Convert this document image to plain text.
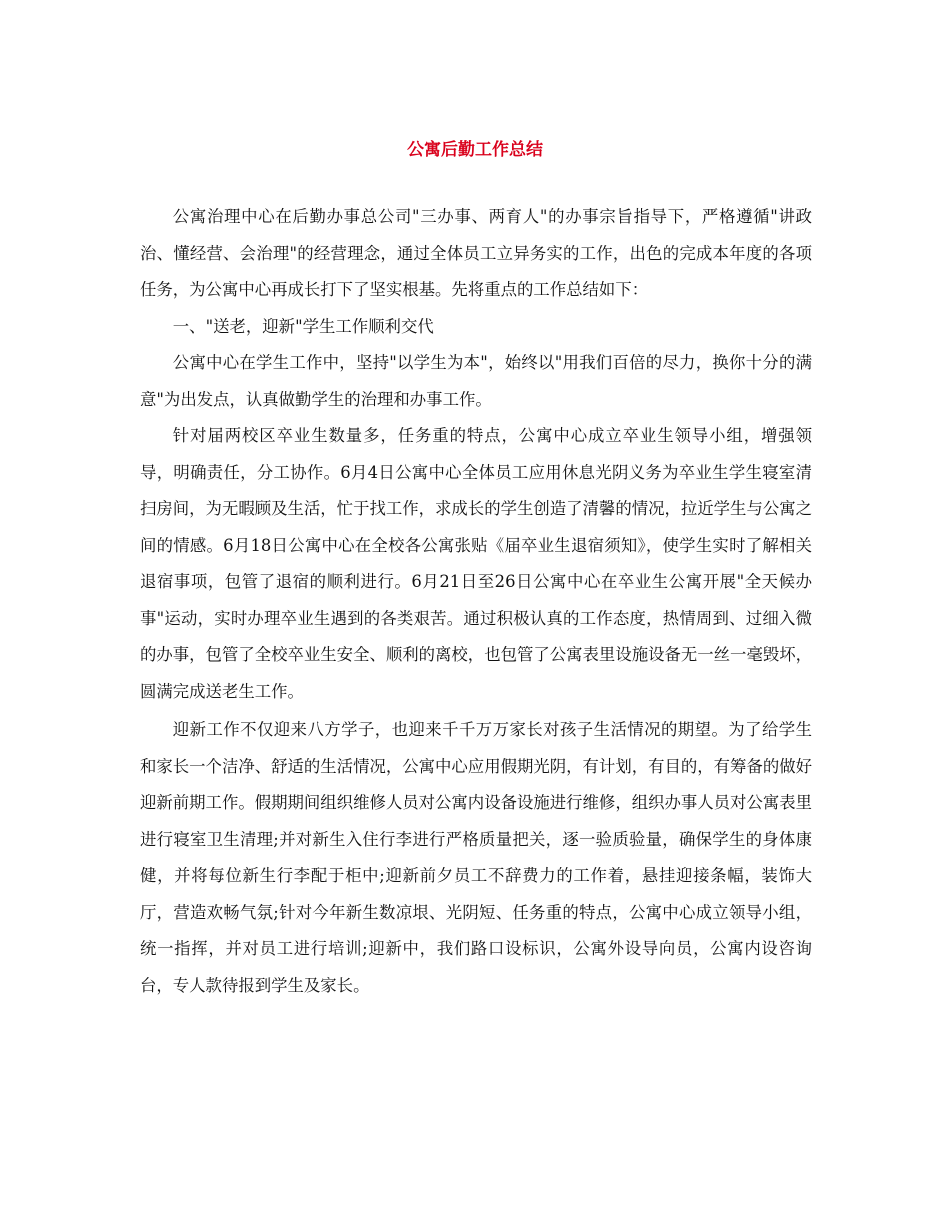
公寓后勤工作总结

公寓治理中心在后勤办事总公司"三办事、两育人"的办事宗旨指导下，严格遵循"讲政治、懂经营、会治理"的经营理念，通过全体员工立异务实的工作，出色的完成本年度的各项任务，为公寓中心再成长打下了坚实根基。先将重点的工作总结如下：

一、"送老，迎新"学生工作顺利交代

公寓中心在学生工作中，坚持"以学生为本"，始终以"用我们百倍的尽力，换你十分的满意"为出发点，认真做勤学生的治理和办事工作。

针对届两校区卒业生数量多，任务重的特点，公寓中心成立卒业生领导小组，增强领导，明确责任，分工协作。6月4日公寓中心全体员工应用休息光阴义务为卒业生学生寝室清扫房间，为无暇顾及生活，忙于找工作，求成长的学生创造了清馨的情况，拉近学生与公寓之间的情感。6月18日公寓中心在全校各公寓张贴《届卒业生退宿须知》，使学生实时了解相关退宿事项，包管了退宿的顺利进行。6月21日至26日公寓中心在卒业生公寓开展"全天候办事"运动，实时办理卒业生遇到的各类艰苦。通过积极认真的工作态度，热情周到、过细入微的办事，包管了全校卒业生安全、顺利的离校，也包管了公寓表里设施设备无一丝一毫毁坏，圆满完成送老生工作。

迎新工作不仅迎来八方学子，也迎来千千万万家长对孩子生活情况的期望。为了给学生和家长一个洁净、舒适的生活情况，公寓中心应用假期光阴，有计划，有目的，有筹备的做好迎新前期工作。假期期间组织维修人员对公寓内设备设施进行维修，组织办事人员对公寓表里进行寝室卫生清理;并对新生入住行李进行严格质量把关，逐一验质验量，确保学生的身体康健，并将每位新生行李配于柜中;迎新前夕员工不辞费力的工作着，悬挂迎接条幅，装饰大厅，营造欢畅气氛;针对今年新生数凉垠、光阴短、任务重的特点，公寓中心成立领导小组，统一指挥，并对员工进行培训;迎新中，我们路口设标识，公寓外设导向员，公寓内设咨询台，专人款待报到学生及家长。
